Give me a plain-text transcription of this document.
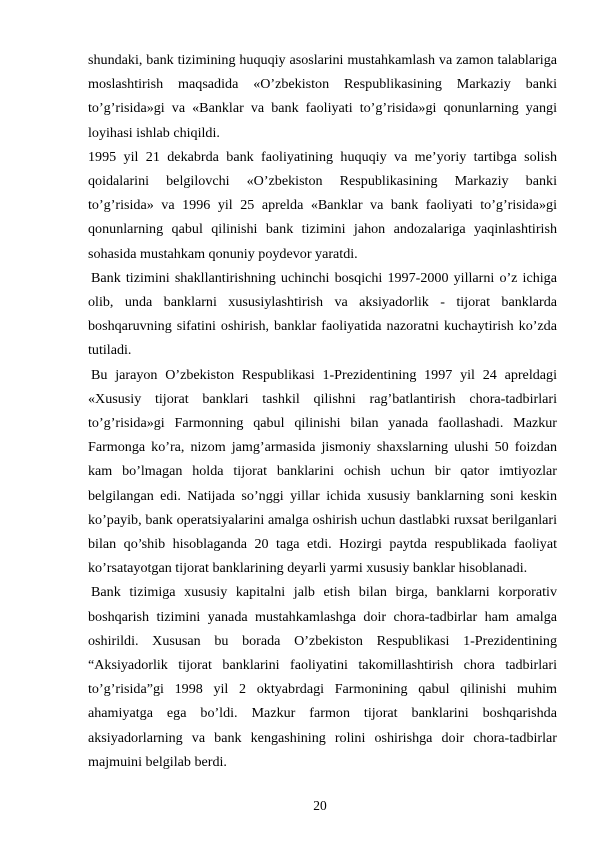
shundaki, bank tizimining huquqiy asoslarini mustahkamlash va zamon talablariga moslashtirish maqsadida «O’zbekiston Respublikasining Markaziy banki to’g’risida»gi va «Banklar va bank faoliyati to’g’risida»gi qonunlarning yangi loyihasi ishlab chiqildi.

1995 yil 21 dekabrda bank faoliyatining huquqiy va me’yoriy tartibga solish qoidalarini belgilovchi «O’zbekiston Respublikasining Markaziy banki to’g’risida» va 1996 yil 25 aprelda «Banklar va bank faoliyati to’g’risida»gi qonunlarning qabul qilinishi bank tizimini jahon andozalariga yaqinlashtirish sohasida mustahkam qonuniy poydevor yaratdi.

Bank tizimini shakllantirishning uchinchi bosqichi 1997-2000 yillarni o’z ichiga olib, unda banklarni xususiylashtirish va aksiyadorlik - tijorat banklarda boshqaruvning sifatini oshirish, banklar faoliyatida nazoratni kuchaytirish ko’zda tutiladi.

Bu jarayon O’zbekiston Respublikasi 1-Prezidentining 1997 yil 24 apreldagi «Xususiy tijorat banklari tashkil qilishni rag’batlantirish chora-tadbirlari to’g’risida»gi Farmonning qabul qilinishi bilan yanada faollashadi. Mazkur Farmonga ko’ra, nizom jamg’armasida jismoniy shaxslarning ulushi 50 foizdan kam bo’lmagan holda tijorat banklarini ochish uchun bir qator imtiyozlar belgilangan edi. Natijada so’nggi yillar ichida xususiy banklarning soni keskin ko’payib, bank operatsiyalarini amalga oshirish uchun dastlabki ruxsat berilganlari bilan qo’shib hisoblaganda 20 taga etdi. Hozirgi paytda respublikada faoliyat ko’rsatayotgan tijorat banklarining deyarli yarmi xususiy banklar hisoblanadi.

Bank tizimiga xususiy kapitalni jalb etish bilan birga, banklarni korporativ boshqarish tizimini yanada mustahkamlashga doir chora-tadbirlar ham amalga oshirildi. Xususan bu borada O’zbekiston Respublikasi 1-Prezidentining “Aksiyadorlik tijorat banklarini faoliyatini takomillashtirish chora tadbirlari to’g’risida”gi 1998 yil 2 oktyabrdagi Farmonining qabul qilinishi muhim ahamiyatga ega bo’ldi. Mazkur farmon tijorat banklarini boshqarishda aksiyadorlarning va bank kengashining rolini oshirishga doir chora-tadbirlar majmuini belgilab berdi.

20
